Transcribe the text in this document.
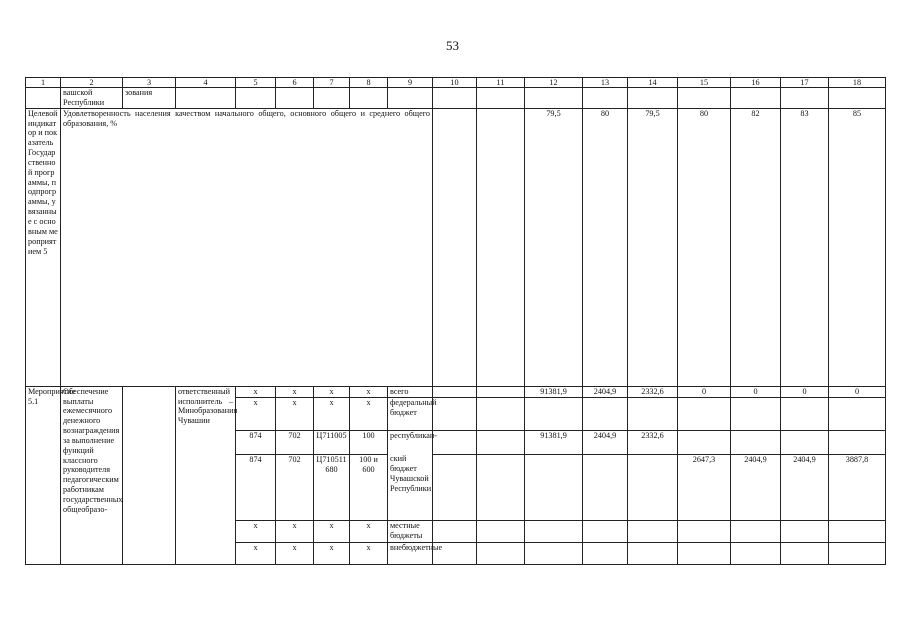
53
1	2	3	4	5	6	7	8	9	10	11	12	13	14	15	16	17	18
	вашской Республики	зования															
Целевой индикатор и показатель Государственной программы, подпрограммы, увязанные с основным мероприятием 5	Удовлетворенность населения качеством начального общего, основного общего и среднего общего образования, %										79,5	80	79,5	80	82	83	85
Мероприятие 5.1	Обеспечение выплаты ежемесячного денежного вознаграждения за выполнение функций классного руководителя педагогическим работникам государственных общеобразо-		ответственный исполнитель – Минобразования Чувашии	x	x	x	x	всего			91381,9	2404,9	2332,6	0	0	0	0
				x	x	x	x	федеральный бюджет									
				874	702	Ц711005	100	республикан-			91381,9	2404,9	2332,6				
				874	702	Ц710511680	100 и 600	ский бюджет Чувашской Республики						2647,3	2404,9	2404,9	3887,8
				x	x	x	x	местные бюджеты									
				x	x	x	x	внебюджетные									
